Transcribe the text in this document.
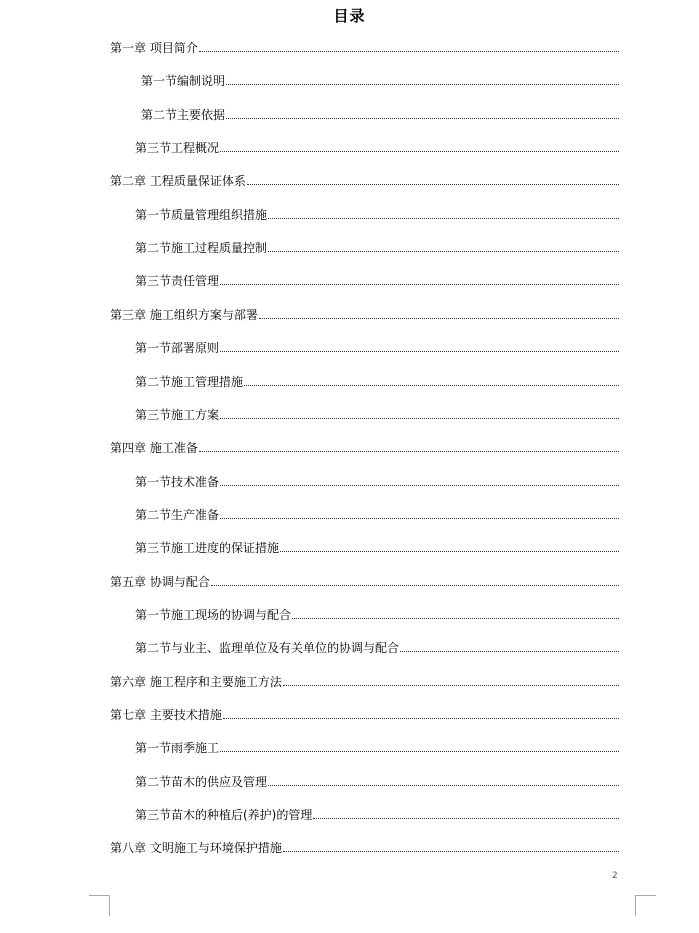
目录
第一章 项目简介
第一节编制说明
第二节主要依据
第三节工程概况
第二章 工程质量保证体系
第一节质量管理组织措施
第二节施工过程质量控制
第三节责任管理
第三章 施工组织方案与部署
第一节部署原则
第二节施工管理措施
第三节施工方案
第四章 施工准备
第一节技术准备
第二节生产准备
第三节施工进度的保证措施
第五章 协调与配合
第一节施工现场的协调与配合
第二节与业主、监理单位及有关单位的协调与配合
第六章 施工程序和主要施工方法
第七章 主要技术措施
第一节雨季施工
第二节苗木的供应及管理
第三节苗木的种植后(养护)的管理
第八章 文明施工与环境保护措施
2
